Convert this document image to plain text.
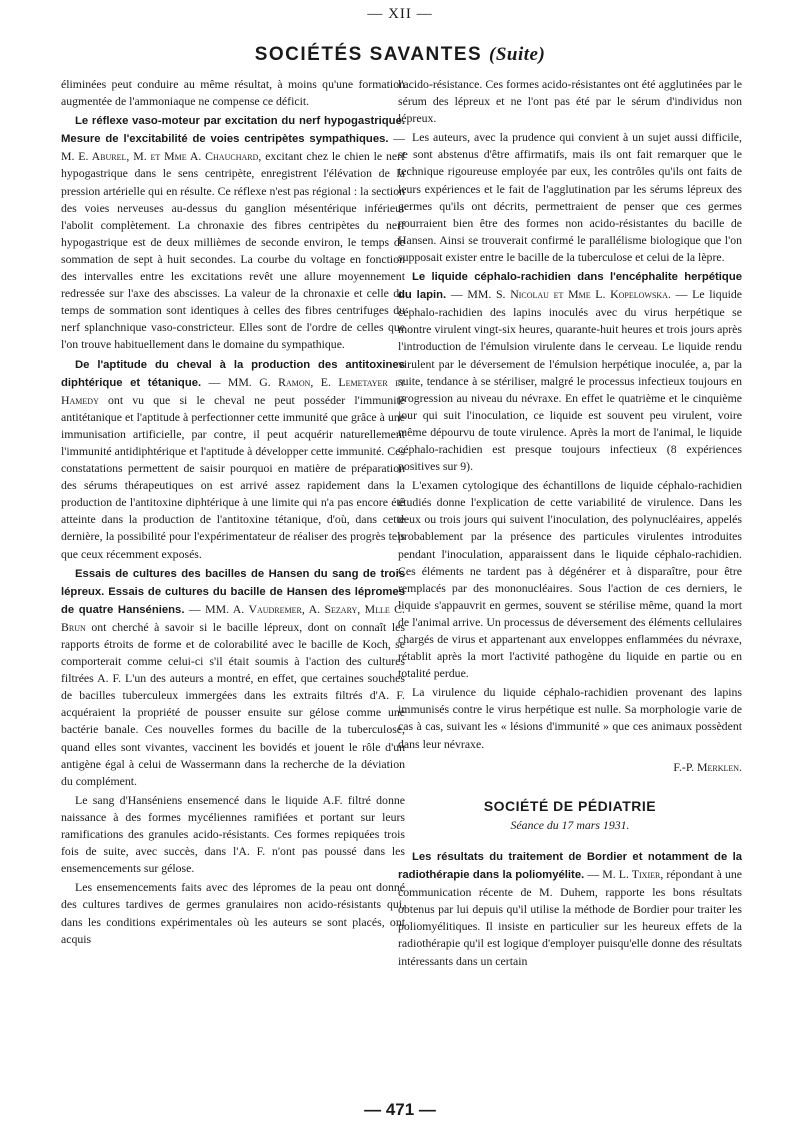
— XII —
SOCIÉTÉS SAVANTES (Suite)

éliminées peut conduire au même résultat, à moins qu'une formation augmentée de l'ammoniaque ne compense ce déficit.

Le réflexe vaso-moteur par excitation du nerf hypogastrique. Mesure de l'excitabilité de voies centripètes sympathiques. — M. E. Aburel, M. et Mme A. Chauchard, excitant chez le chien le nerf hypogastrique dans le sens centripète, enregistrent l'élévation de la pression artérielle qui en résulte. Ce réflexe n'est pas régional : la section des voies nerveuses au-dessus du ganglion mésentérique inférieur l'abolit complètement. La chronaxie des fibres centripètes du nerf hypogastrique est de deux millièmes de seconde environ, le temps de sommation de sept à huit secondes. La courbe du voltage en fonction des intervalles entre les excitations revêt une allure moyennement redressée sur l'axe des abscisses. La valeur de la chronaxie et celle du temps de sommation sont identiques à celles des fibres centrifuges du nerf splanchnique vaso-constricteur. Elles sont de l'ordre de celles que l'on trouve habituellement dans le domaine du sympathique.

De l'aptitude du cheval à la production des antitoxines diphtérique et tétanique. — MM. G. Ramon, E. Lemetayer et Hamedy ont vu que si le cheval ne peut posséder l'immunité antitétanique et l'aptitude à perfectionner cette immunité que grâce à une immunisation artificielle, par contre, il peut acquérir naturellement l'immunité antidiphtérique et l'aptitude à développer cette immunité. Ces constatations permettent de saisir pourquoi en matière de préparation des sérums thérapeutiques on est arrivé assez rapidement dans la production de l'antitoxine diphtérique à une limite qui n'a pas encore été atteinte dans la production de l'antitoxine tétanique, d'où, dans cette dernière, la possibilité pour l'expérimentateur de réaliser des progrès tels que ceux récemment exposés.

Essais de cultures des bacilles de Hansen du sang de trois lépreux. Essais de cultures du bacille de Hansen des lépromes de quatre Hanséniens. — MM. A. Vaudremer, A. Sezary, Mlle C. Brun ont cherché à savoir si le bacille lépreux, dont on connaît les rapports étroits de forme et de colorabilité avec le bacille de Koch, se comporterait comme celui-ci s'il était soumis à l'action des cultures filtrées A. F. L'un des auteurs a montré, en effet, que certaines souches de bacilles tuberculeux immergées dans les extraits filtrés d'A. F. acquéraient la propriété de pousser ensuite sur gélose comme une bactérie banale. Ces nouvelles formes du bacille de la tuberculose, quand elles sont vivantes, vaccinent les bovidés et jouent le rôle d'un antigène égal à celui de Wassermann dans la recherche de la déviation du complément.

Le sang d'Hanséniens ensemencé dans le liquide A.F. filtré donne naissance à des formes mycéliennes ramifiées et portant sur leurs ramifications des granules acido-résistants. Ces formes repiquées trois fois de suite, avec succès, dans l'A. F. n'ont pas poussé dans les ensemencements sur gélose.

Les ensemencements faits avec des lépromes de la peau ont donné des cultures tardives de germes granulaires non acido-résistants qui, dans les conditions expérimentales où les auteurs se sont placés, ont acquis

l'acido-résistance. Ces formes acido-résistantes ont été agglutinées par le sérum des lépreux et ne l'ont pas été par le sérum d'individus non lépreux.

Les auteurs, avec la prudence qui convient à un sujet aussi difficile, se sont abstenus d'être affirmatifs, mais ils ont fait remarquer que le technique rigoureuse employée par eux, les contrôles qu'ils ont faits de leurs expériences et le fait de l'agglutination par les sérums lépreux des germes qu'ils ont décrits, permettraient de penser que ces germes pourraient bien être des formes non acido-résistantes du bacille de Hansen. Ainsi se trouverait confirmé le parallélisme biologique que l'on supposait exister entre le bacille de la tuberculose et celui de la lèpre.

Le liquide céphalo-rachidien dans l'encéphalite herpétique du lapin. — MM. S. Nicolau et Mme L. Kopelowska. — Le liquide céphalo-rachidien des lapins inoculés avec du virus herpétique se montre virulent vingt-six heures, quarante-huit heures et trois jours après l'introduction de l'émulsion virulente dans le cerveau. Le liquide rendu virulent par le déversement de l'émulsion herpétique inoculée, a, par la suite, tendance à se stériliser, malgré le processus infectieux toujours en progression au niveau du névraxe. En effet le quatrième et le cinquième jour qui suit l'inoculation, ce liquide est souvent peu virulent, voire même dépourvu de toute virulence. Après la mort de l'animal, le liquide céphalo-rachidien est presque toujours infectieux (8 expériences positives sur 9).

L'examen cytologique des échantillons de liquide céphalo-rachidien étudiés donne l'explication de cette variabilité de virulence. Dans les deux ou trois jours qui suivent l'inoculation, des polynucléaires, appelés probablement par la présence des particules virulentes introduites pendant l'inoculation, apparaissent dans le liquide céphalo-rachidien. Ces éléments ne tardent pas à dégénérer et à disparaître, pour être remplacés par des mononucléaires. Sous l'action de ces derniers, le liquide s'appauvrit en germes, souvent se stérilise même, quand la mort de l'animal arrive. Un processus de déversement des éléments cellulaires chargés de virus et appartenant aux enveloppes enflammées du névraxe, rétablit après la mort l'activité pathogène du liquide en partie ou en totalité perdue.

La virulence du liquide céphalo-rachidien provenant des lapins immunisés contre le virus herpétique est nulle. Sa morphologie varie de cas à cas, suivant les « lésions d'immunité » que ces animaux possèdent dans leur névraxe.

F.-P. Merklen.

SOCIÉTÉ DE PÉDIATRIE
Séance du 17 mars 1931.

Les résultats du traitement de Bordier et notamment de la radiothérapie dans la poliomyélite. — M. L. Tixier, répondant à une communication récente de M. Duhem, rapporte les bons résultats obtenus par lui depuis qu'il utilise la méthode de Bordier pour traiter les poliomyélitiques. Il insiste en particulier sur les heureux effets de la radiothérapie qu'il est logique d'employer puisqu'elle donne des résultats intéressants dans un certain

— 471 —
